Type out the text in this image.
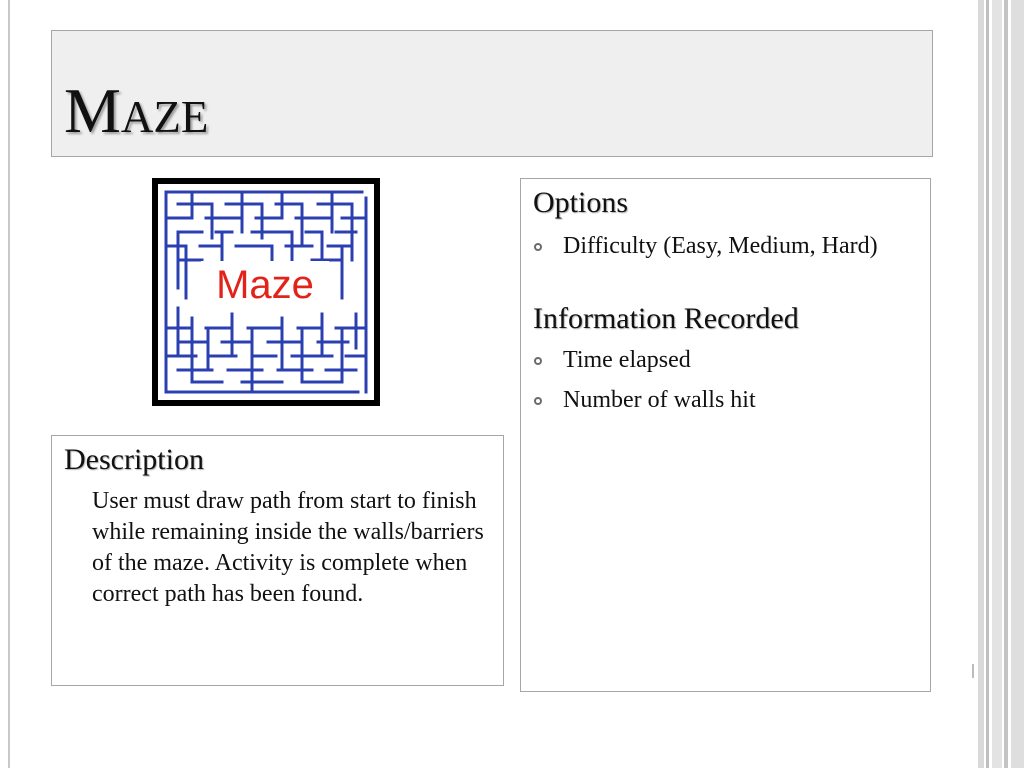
Maze
Maze
Description

User must draw path from start to finish while remaining inside the walls/barriers of the maze. Activity is complete when correct path has been found.

Options

Difficulty (Easy, Medium, Hard)

Information Recorded

Time elapsed

Number of walls hit
